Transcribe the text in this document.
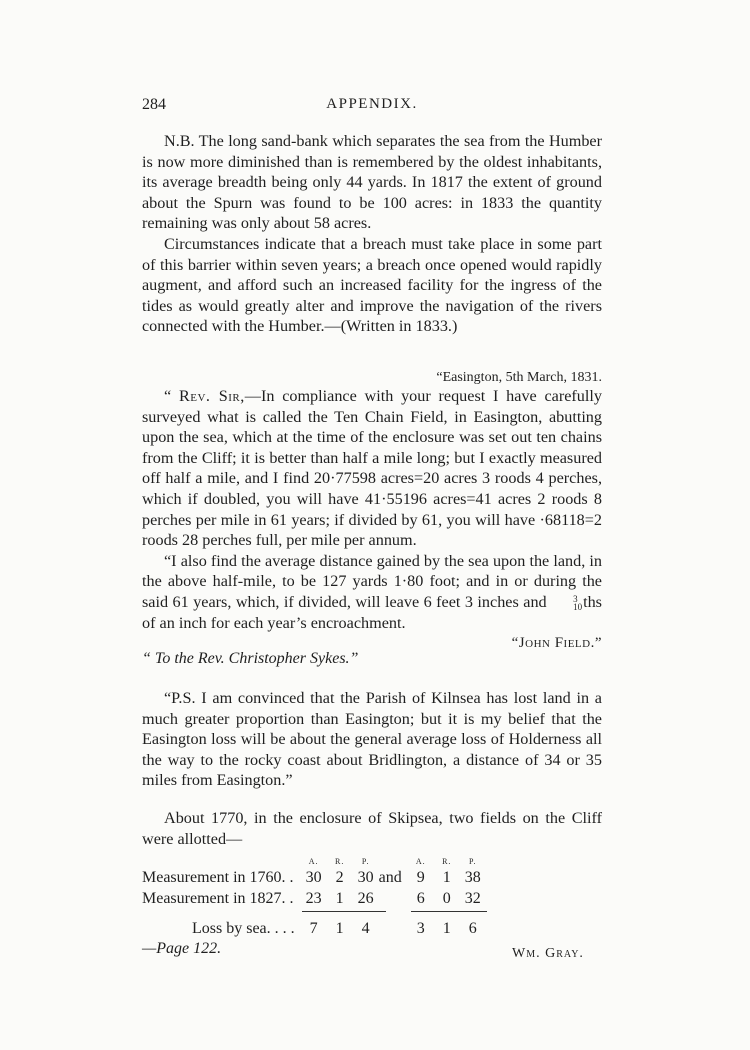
284	APPENDIX.

N.B. The long sand-bank which separates the sea from the Humber is now more diminished than is remembered by the oldest inhabitants, its average breadth being only 44 yards. In 1817 the extent of ground about the Spurn was found to be 100 acres: in 1833 the quantity remaining was only about 58 acres.

Circumstances indicate that a breach must take place in some part of this barrier within seven years; a breach once opened would rapidly augment, and afford such an increased facility for the ingress of the tides as would greatly alter and improve the navigation of the rivers connected with the Humber.—(Written in 1833.)

“Easington, 5th March, 1831.

“ Rev. Sir,—In compliance with your request I have carefully surveyed what is called the Ten Chain Field, in Easington, abutting upon the sea, which at the time of the enclosure was set out ten chains from the Cliff; it is better than half a mile long; but I exactly measured off half a mile, and I find 20·77598 acres=20 acres 3 roods 4 perches, which if doubled, you will have 41·55196 acres=41 acres 2 roods 8 perches per mile in 61 years; if divided by 61, you will have ·68118=2 roods 28 perches full, per mile per annum.

“I also find the average distance gained by the sea upon the land, in the above half-mile, to be 127 yards 1·80 foot; and in or during the said 61 years, which, if divided, will leave 6 feet 3 inches and	3
10 ths of an inch for each year’s encroachment.

“John Field.”
“ To the Rev. Christopher Sykes.”

“P.S. I am convinced that the Parish of Kilnsea has lost land in a much greater proportion than Easington; but it is my belief that the Easington loss will be about the general average loss of Holderness all the way to the rocky coast about Bridlington, a distance of 34 or 35 miles from Easington.”

About 1770, in the enclosure of Skipsea, two fields on the Cliff were allotted—

	A.	R.	P.		A.	R.	P.
Measurement in 1760. .	30	2	30	and	9	1	38
Measurement in 1827. .	23	1	26		6	0	32
Loss by sea. . . .	7	1	4		3	1	6
—Page 122.	Wm. Gray.
